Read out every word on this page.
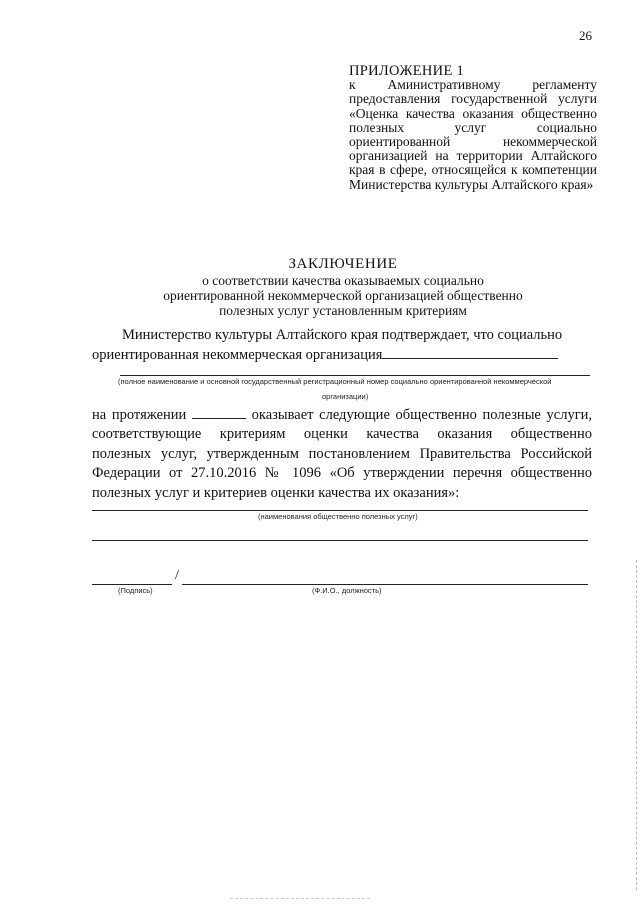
26
ПРИЛОЖЕНИЕ 1
к Аминистративному регламенту предоставления государственной услуги «Оценка качества оказания общественно полезных услуг социально ориентированной некоммерческой организацией на территории Алтайского края в сфере, относящейся к компетенции Министерства культуры Алтайского края»
ЗАКЛЮЧЕНИЕ
о соответствии качества оказываемых социально
ориентированной некоммерческой организацией общественно
полезных услуг установленным критериям
Министерство культуры Алтайского края подтверждает, что социально
ориентированная некоммерческая организация
(полное наименование и основной государственный регистрационный номер социально ориентированной некоммерческой
организации)
на протяжении	оказывает следующие общественно полезные услуги,
соответствующие критериям оценки качества оказания общественно
полезных услуг, утвержденным постановлением Правительства Российской
Федерации от 27.10.2016 № 1096 «Об утверждении перечня общественно
полезных услуг и критериев оценки качества их оказания»:
(наименования общественно полезных услуг)
/
(Подпись)	(Ф.И.О., должность)
